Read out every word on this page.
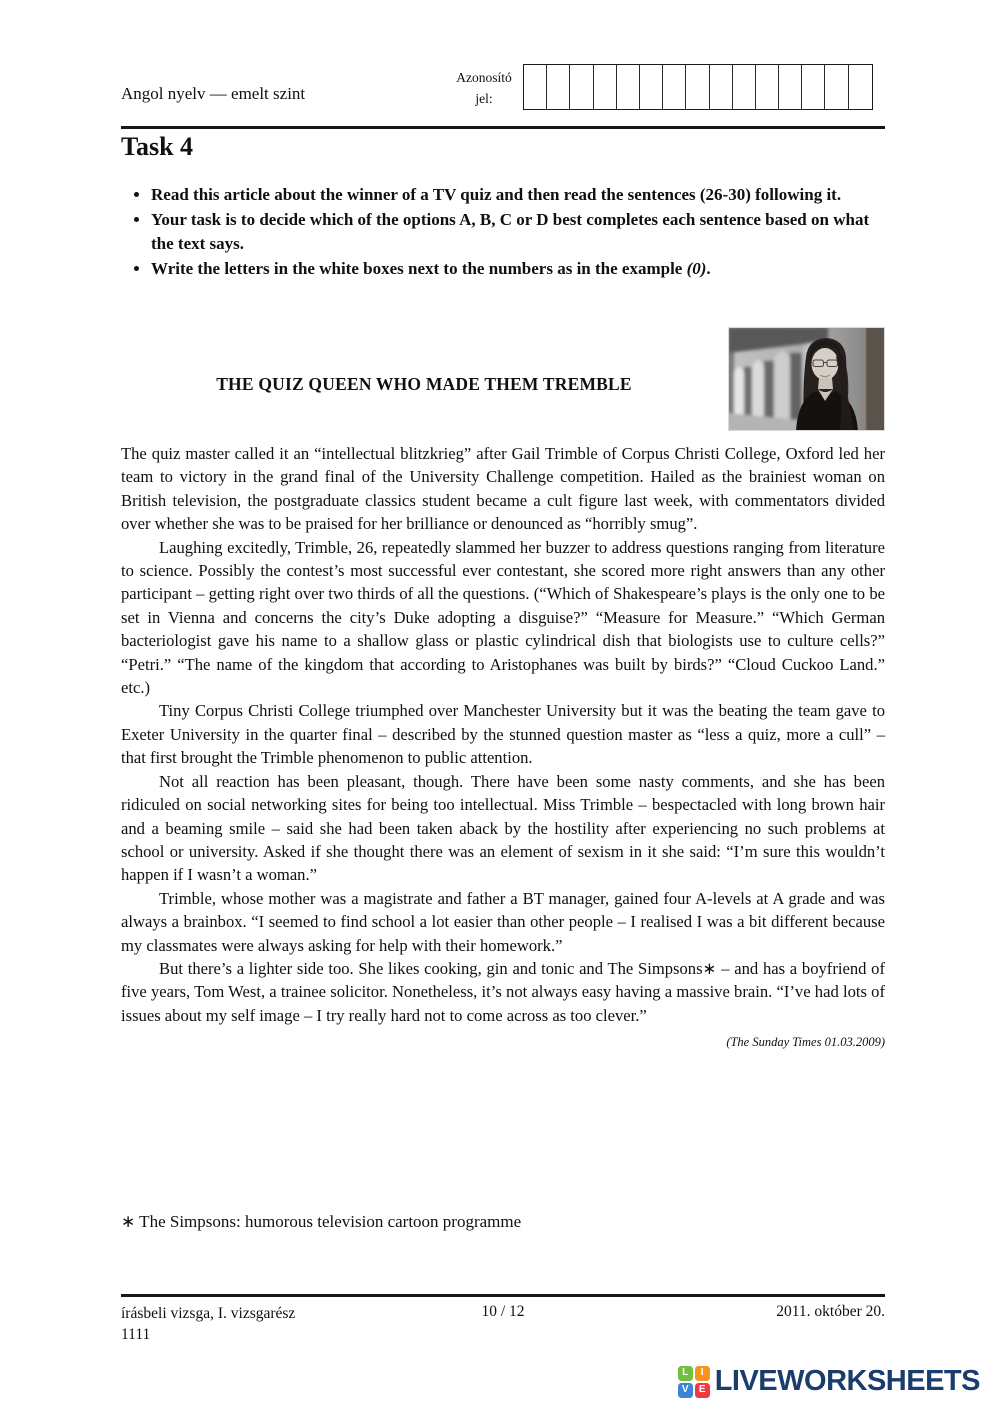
Angol nyelv — emelt szint
Azonosító
jel:
Task 4
• Read this article about the winner of a TV quiz and then read the sentences (26-30) following it.
• Your task is to decide which of the options A, B, C or D best completes each sentence based on what the text says.
• Write the letters in the white boxes next to the numbers as in the example (0).
THE QUIZ QUEEN WHO MADE THEM TREMBLE

The quiz master called it an “intellectual blitzkrieg” after Gail Trimble of Corpus Christi College, Oxford led her team to victory in the grand final of the University Challenge competition. Hailed as the brainiest woman on British television, the postgraduate classics student became a cult figure last week, with commentators divided over whether she was to be praised for her brilliance or denounced as “horribly smug”.

Laughing excitedly, Trimble, 26, repeatedly slammed her buzzer to address questions ranging from literature to science. Possibly the contest’s most successful ever contestant, she scored more right answers than any other participant – getting right over two thirds of all the questions. (“Which of Shakespeare’s plays is the only one to be set in Vienna and concerns the city’s Duke adopting a disguise?” “Measure for Measure.” “Which German bacteriologist gave his name to a shallow glass or plastic cylindrical dish that biologists use to culture cells?” “Petri.” “The name of the kingdom that according to Aristophanes was built by birds?” “Cloud Cuckoo Land.” etc.)

Tiny Corpus Christi College triumphed over Manchester University but it was the beating the team gave to Exeter University in the quarter final – described by the stunned question master as “less a quiz, more a cull” – that first brought the Trimble phenomenon to public attention.

Not all reaction has been pleasant, though. There have been some nasty comments, and she has been ridiculed on social networking sites for being too intellectual. Miss Trimble – bespectacled with long brown hair and a beaming smile – said she had been taken aback by the hostility after experiencing no such problems at school or university. Asked if she thought there was an element of sexism in it she said: “I’m sure this wouldn’t happen if I wasn’t a woman.”

Trimble, whose mother was a magistrate and father a BT manager, gained four A-levels at A grade and was always a brainbox. “I seemed to find school a lot easier than other people – I realised I was a bit different because my classmates were always asking for help with their homework.”

But there’s a lighter side too. She likes cooking, gin and tonic and The Simpsons∗ – and has a boyfriend of five years, Tom West, a trainee solicitor. Nonetheless, it’s not always easy having a massive brain. “I’ve had lots of issues about my self image – I try really hard not to come across as too clever.”

(The Sunday Times 01.03.2009)
∗ The Simpsons: humorous television cartoon programme
írásbeli vizsga, I. vizsgarész
1111
10 / 12	2011. október 20.
L	I
V	E LIVEWORKSHEETS
